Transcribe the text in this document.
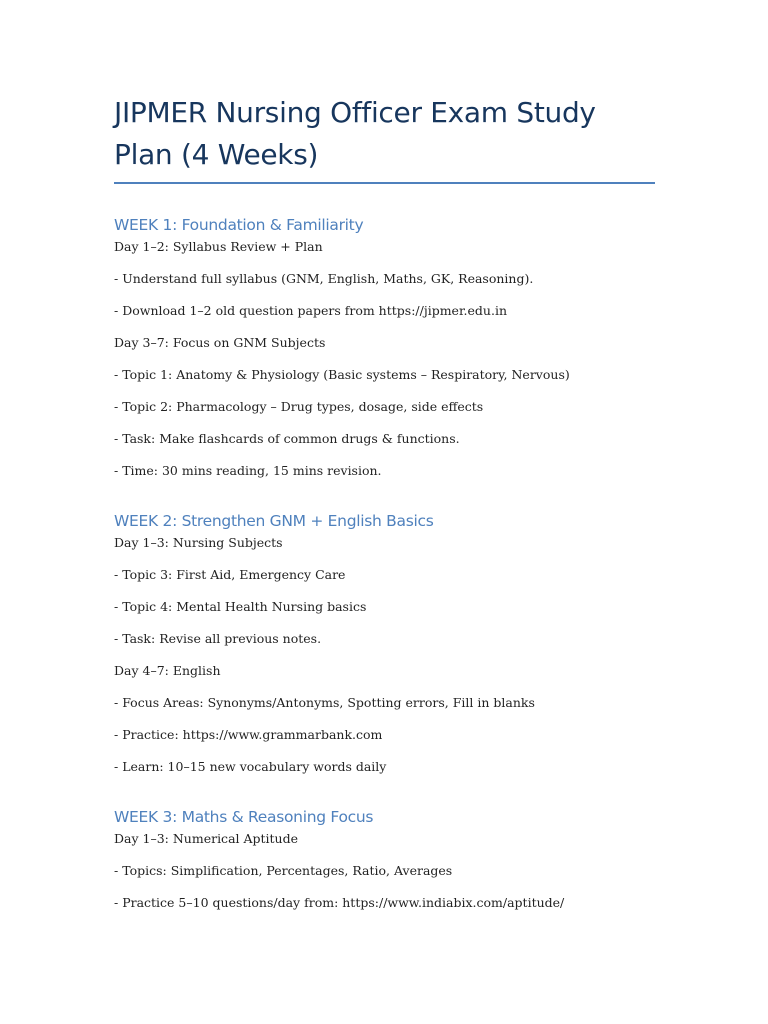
JIPMER Nursing Officer Exam Study Plan (4 Weeks)
WEEK 1: Foundation & Familiarity

Day 1–2: Syllabus Review + Plan

- Understand full syllabus (GNM, English, Maths, GK, Reasoning).

- Download 1–2 old question papers from https://jipmer.edu.in

Day 3–7: Focus on GNM Subjects

- Topic 1: Anatomy & Physiology (Basic systems – Respiratory, Nervous)

- Topic 2: Pharmacology – Drug types, dosage, side effects

- Task: Make flashcards of common drugs & functions.

- Time: 30 mins reading, 15 mins revision.

WEEK 2: Strengthen GNM + English Basics

Day 1–3: Nursing Subjects

- Topic 3: First Aid, Emergency Care

- Topic 4: Mental Health Nursing basics

- Task: Revise all previous notes.

Day 4–7: English

- Focus Areas: Synonyms/Antonyms, Spotting errors, Fill in blanks

- Practice: https://www.grammarbank.com

- Learn: 10–15 new vocabulary words daily

WEEK 3: Maths & Reasoning Focus

Day 1–3: Numerical Aptitude

- Topics: Simplification, Percentages, Ratio, Averages

- Practice 5–10 questions/day from: https://www.indiabix.com/aptitude/
